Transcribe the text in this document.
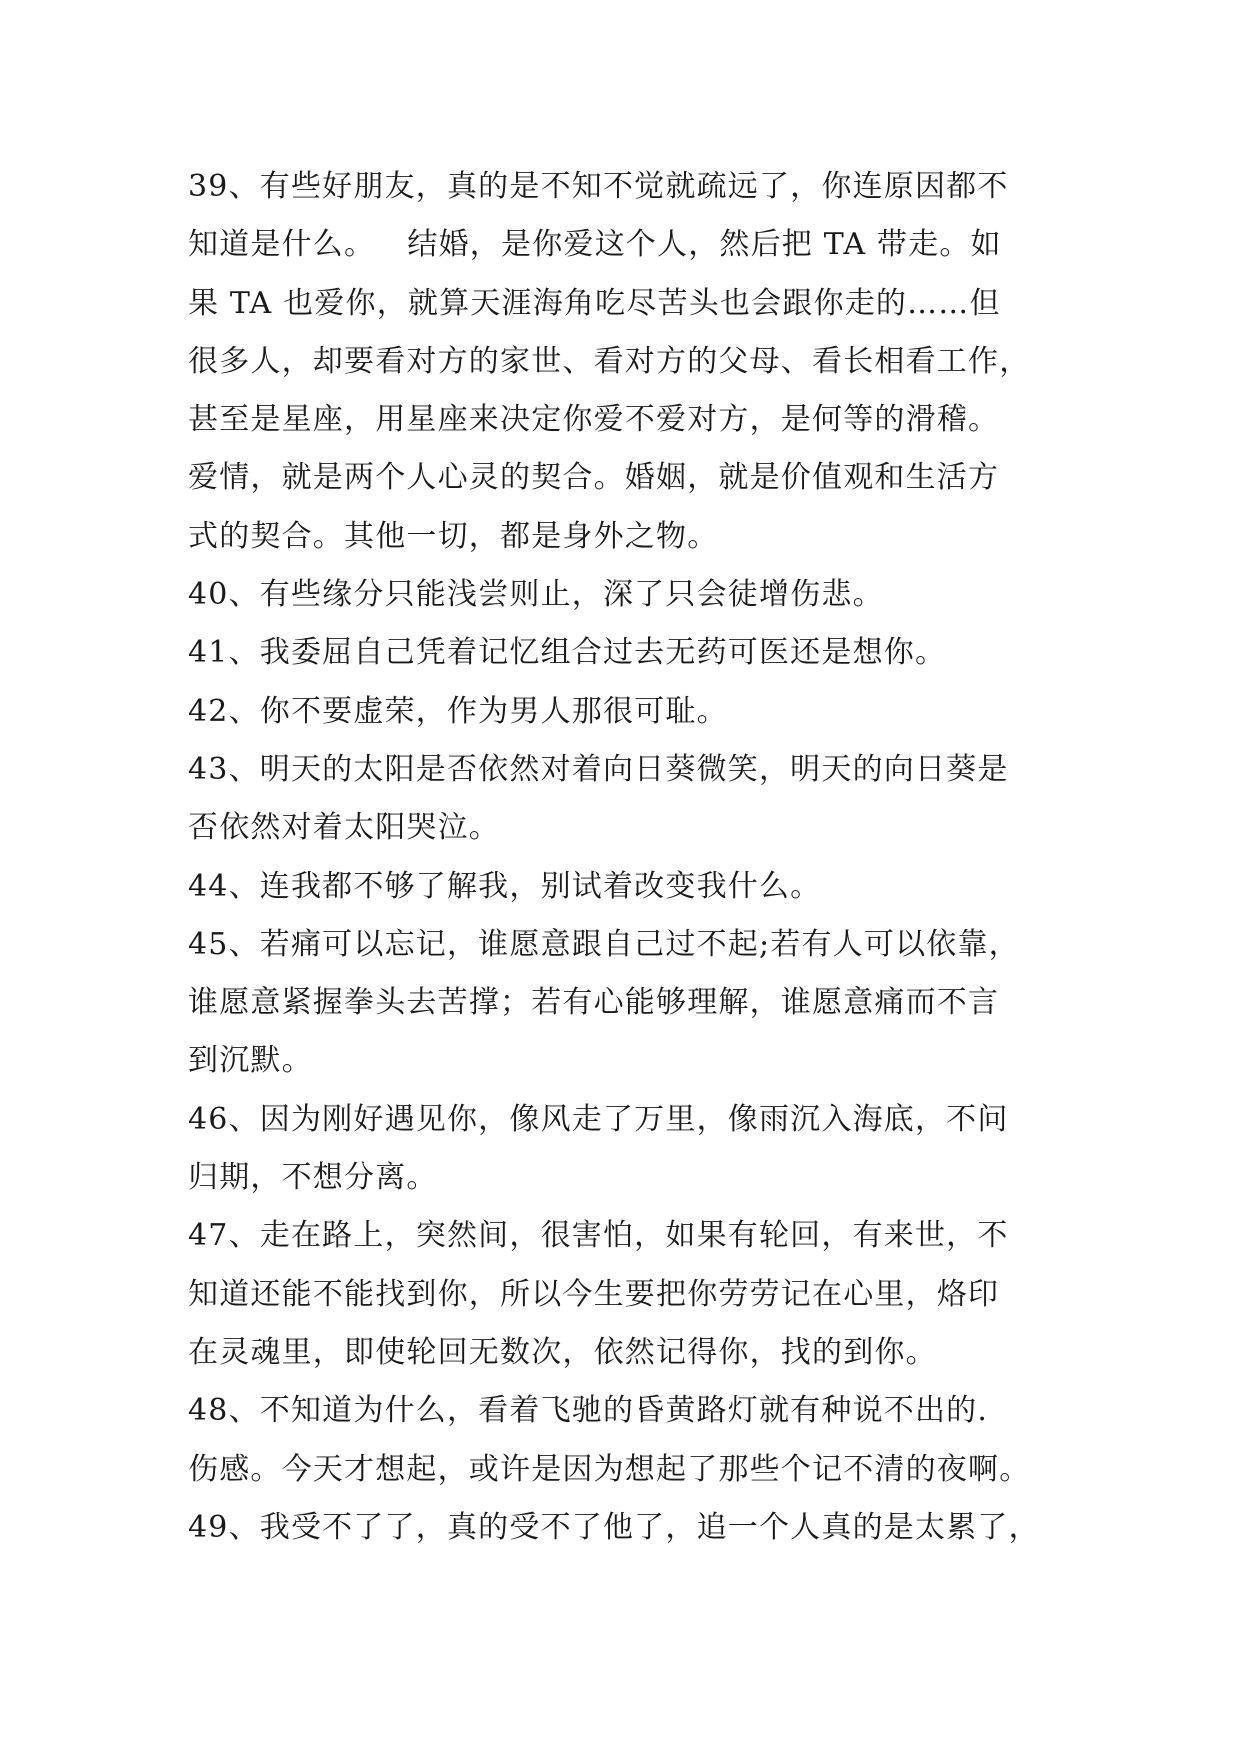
39、有些好朋友，真的是不知不觉就疏远了，你连原因都不
知道是什么。   结婚，是你爱这个人，然后把 TA 带走。如
果 TA 也爱你，就算天涯海角吃尽苦头也会跟你走的……但
很多人，却要看对方的家世、看对方的父母、看长相看工作，
甚至是星座，用星座来决定你爱不爱对方，是何等的滑稽。
爱情，就是两个人心灵的契合。婚姻，就是价值观和生活方
式的契合。其他一切，都是身外之物。
40、有些缘分只能浅尝则止，深了只会徒增伤悲。
41、我委屈自己凭着记忆组合过去无药可医还是想你。
42、你不要虚荣，作为男人那很可耻。
43、明天的太阳是否依然对着向日葵微笑，明天的向日葵是
否依然对着太阳哭泣。
44、连我都不够了解我，别试着改变我什么。
45、若痛可以忘记，谁愿意跟自己过不起;若有人可以依靠，
谁愿意紧握拳头去苦撑；若有心能够理解，谁愿意痛而不言
到沉默。
46、因为刚好遇见你，像风走了万里，像雨沉入海底，不问
归期，不想分离。
47、走在路上，突然间，很害怕，如果有轮回，有来世，不
知道还能不能找到你，所以今生要把你劳劳记在心里，烙印
在灵魂里，即使轮回无数次，依然记得你，找的到你。
48、不知道为什么，看着飞驰的昏黄路灯就有种说不出的.
伤感。今天才想起，或许是因为想起了那些个记不清的夜啊。
49、我受不了了，真的受不了他了，追一个人真的是太累了，
